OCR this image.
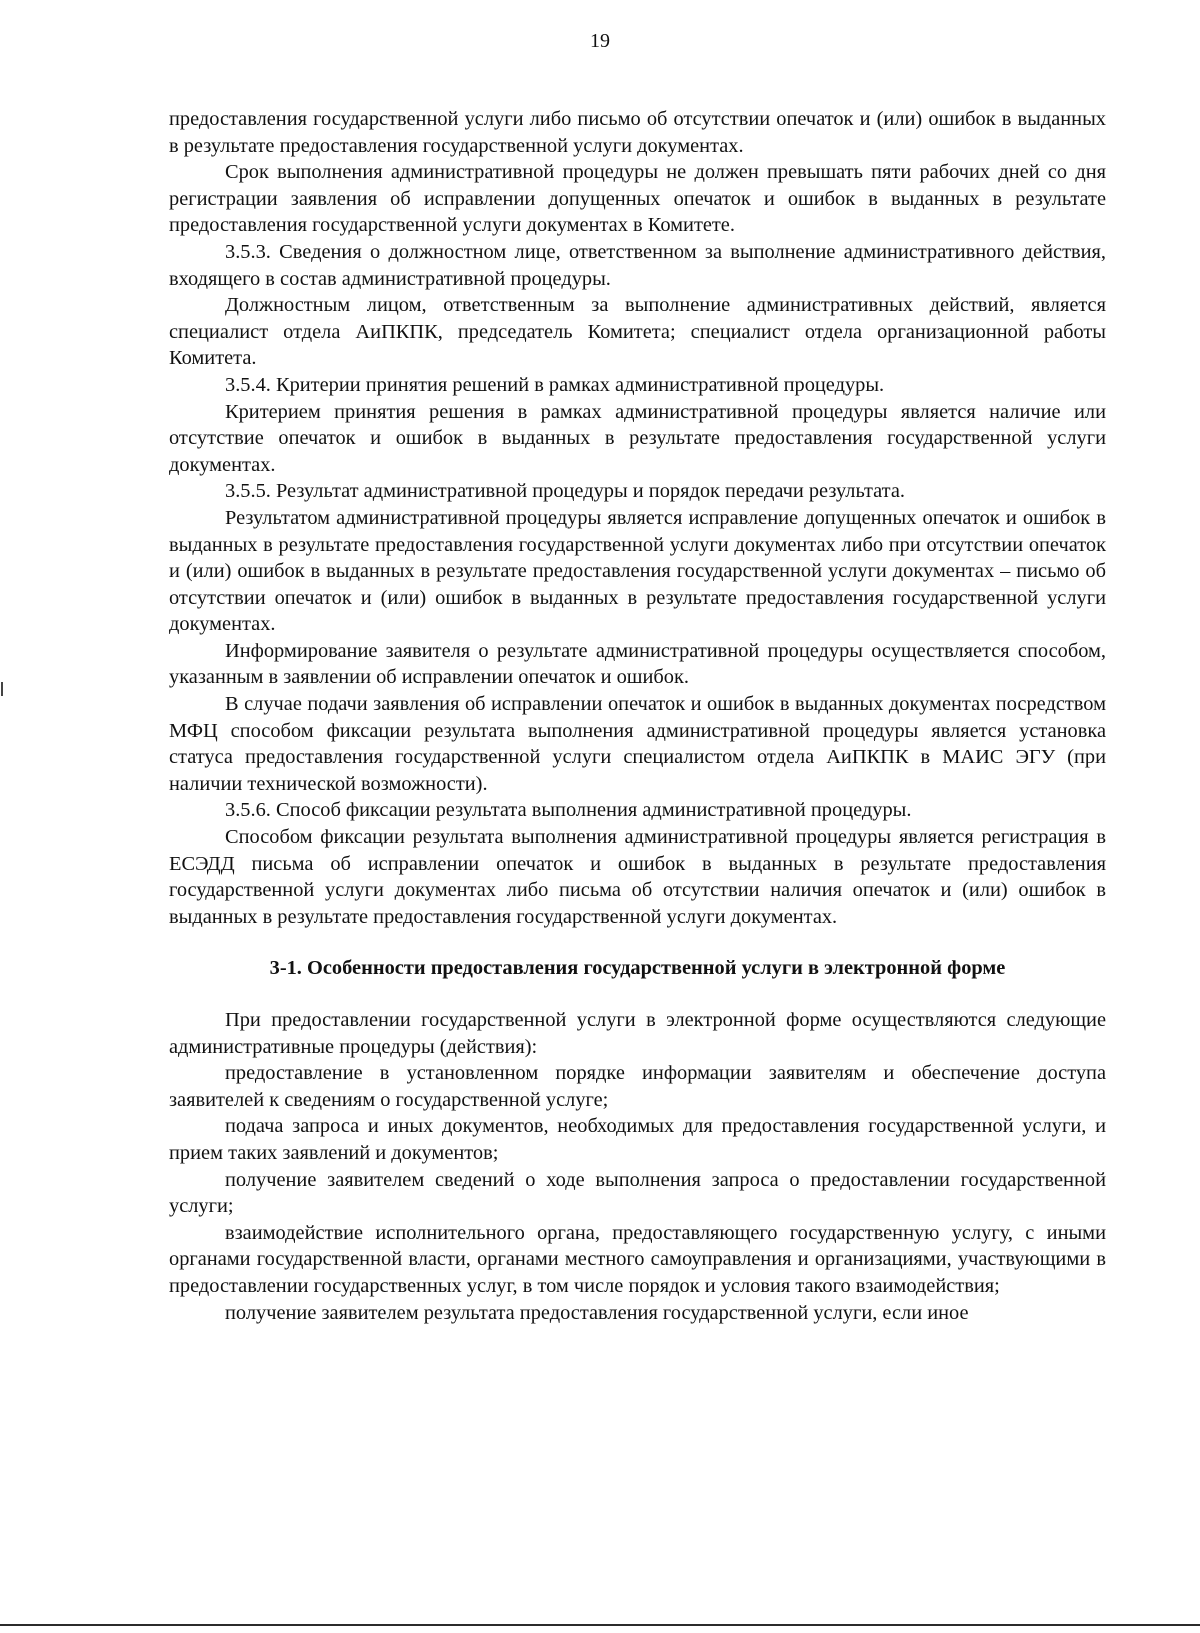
19

предоставления государственной услуги либо письмо об отсутствии опечаток и (или) ошибок в выданных в результате предоставления государственной услуги документах.

Срок выполнения административной процедуры не должен превышать пяти рабочих дней со дня регистрации заявления об исправлении допущенных опечаток и ошибок в выданных в результате предоставления государственной услуги документах в Комитете.

3.5.3. Сведения о должностном лице, ответственном за выполнение административного действия, входящего в состав административной процедуры.

Должностным лицом, ответственным за выполнение административных действий, является специалист отдела АиПКПК, председатель Комитета; специалист отдела организационной работы Комитета.

3.5.4. Критерии принятия решений в рамках административной процедуры.

Критерием принятия решения в рамках административной процедуры является наличие или отсутствие опечаток и ошибок в выданных в результате предоставления государственной услуги документах.

3.5.5. Результат административной процедуры и порядок передачи результата.

Результатом административной процедуры является исправление допущенных опечаток и ошибок в выданных в результате предоставления государственной услуги документах либо при отсутствии опечаток и (или) ошибок в выданных в результате предоставления государственной услуги документах – письмо об отсутствии опечаток и (или) ошибок в выданных в результате предоставления государственной услуги документах.

Информирование заявителя о результате административной процедуры осуществляется способом, указанным в заявлении об исправлении опечаток и ошибок.

В случае подачи заявления об исправлении опечаток и ошибок в выданных документах посредством МФЦ способом фиксации результата выполнения административной процедуры является установка статуса предоставления государственной услуги специалистом отдела АиПКПК в МАИС ЭГУ (при наличии технической возможности).

3.5.6. Способ фиксации результата выполнения административной процедуры.

Способом фиксации результата выполнения административной процедуры является регистрация в ЕСЭДД письма об исправлении опечаток и ошибок в выданных в результате предоставления государственной услуги документах либо письма об отсутствии наличия опечаток и (или) ошибок в выданных в результате предоставления государственной услуги документах.

3-1. Особенности предоставления государственной услуги в электронной форме

При предоставлении государственной услуги в электронной форме осуществляются следующие административные процедуры (действия):

предоставление в установленном порядке информации заявителям и обеспечение доступа заявителей к сведениям о государственной услуге;

подача запроса и иных документов, необходимых для предоставления государственной услуги, и прием таких заявлений и документов;

получение заявителем сведений о ходе выполнения запроса о предоставлении государственной услуги;

взаимодействие исполнительного органа, предоставляющего государственную услугу, с иными органами государственной власти, органами местного самоуправления и организациями, участвующими в предоставлении государственных услуг, в том числе порядок и условия такого взаимодействия;

получение заявителем результата предоставления государственной услуги, если иное
